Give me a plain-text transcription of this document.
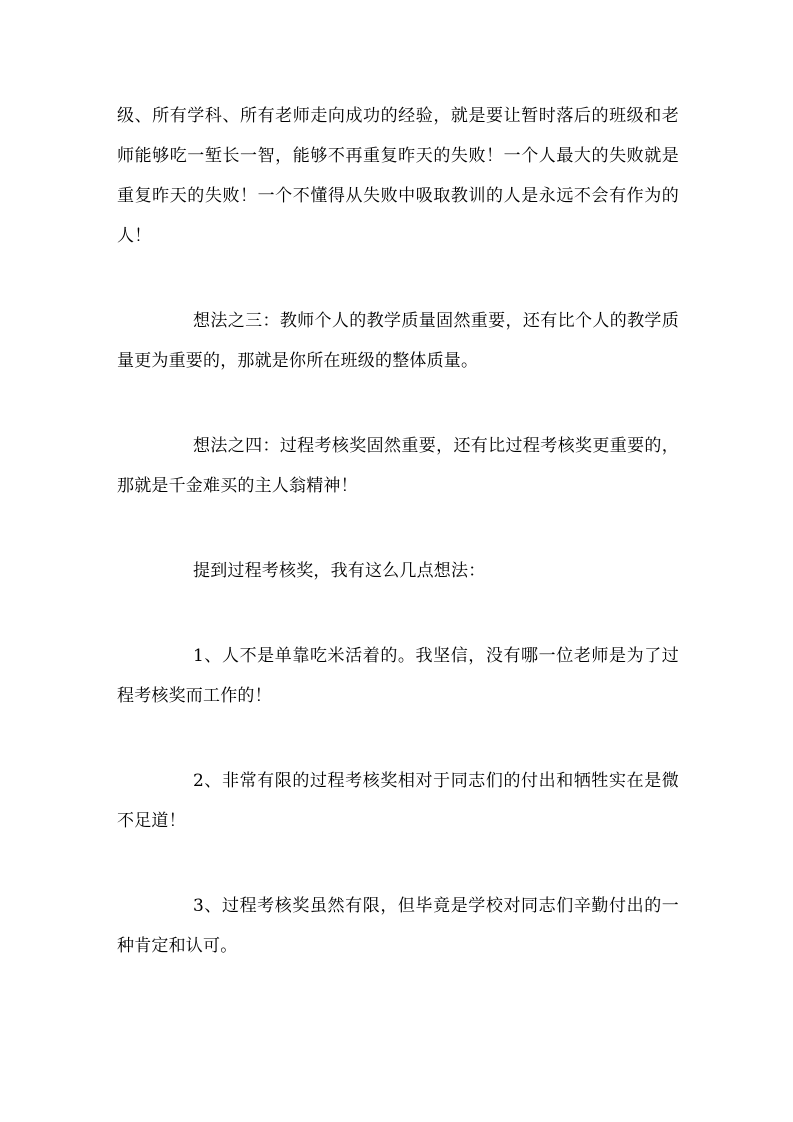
级、所有学科、所有老师走向成功的经验，就是要让暂时落后的班级和老师能够吃一堑长一智，能够不再重复昨天的失败！一个人最大的失败就是重复昨天的失败！一个不懂得从失败中吸取教训的人是永远不会有作为的人！

想法之三：教师个人的教学质量固然重要，还有比个人的教学质量更为重要的，那就是你所在班级的整体质量。

想法之四：过程考核奖固然重要，还有比过程考核奖更重要的，那就是千金难买的主人翁精神！

提到过程考核奖，我有这么几点想法：

1、人不是单靠吃米活着的。我坚信，没有哪一位老师是为了过程考核奖而工作的！

2、非常有限的过程考核奖相对于同志们的付出和牺牲实在是微不足道！

3、过程考核奖虽然有限，但毕竟是学校对同志们辛勤付出的一种肯定和认可。
